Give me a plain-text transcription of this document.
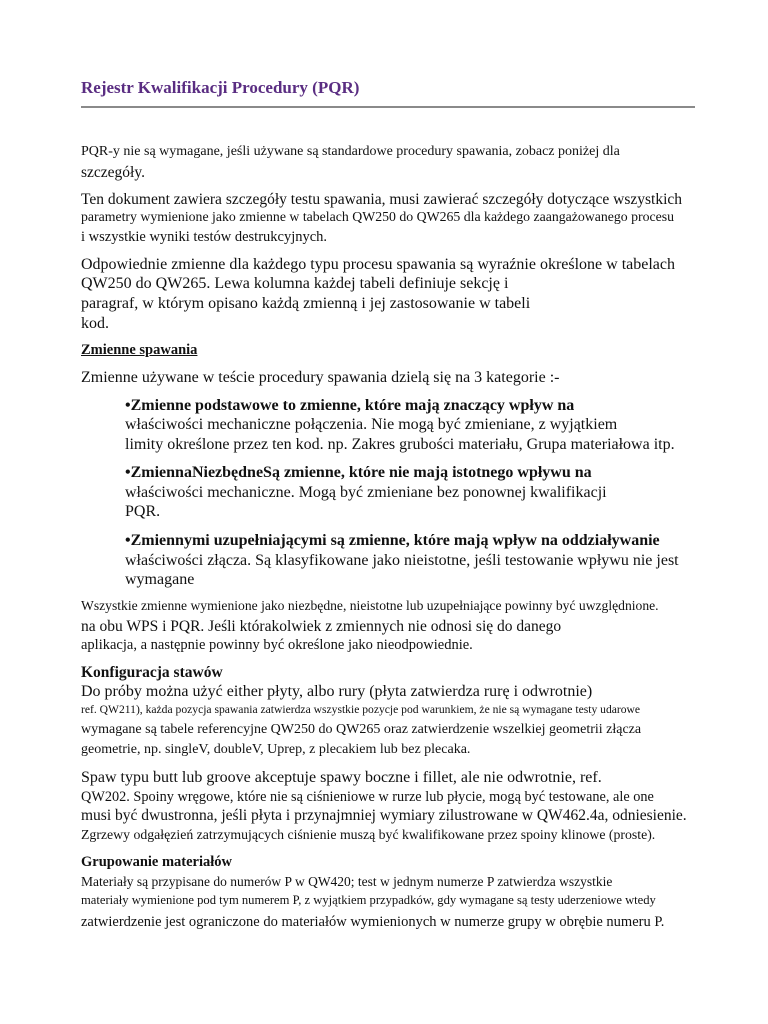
Rejestr Kwalifikacji Procedury (PQR)
PQR-y nie są wymagane, jeśli używane są standardowe procedury spawania, zobacz poniżej dla
szczegóły.
Ten dokument zawiera szczegóły testu spawania, musi zawierać szczegóły dotyczące wszystkich
parametry wymienione jako zmienne w tabelach QW250 do QW265 dla każdego zaangażowanego procesu
i wszystkie wyniki testów destrukcyjnych.
Odpowiednie zmienne dla każdego typu procesu spawania są wyraźnie określone w tabelach
QW250 do QW265. Lewa kolumna każdej tabeli definiuje sekcję i
paragraf, w którym opisano każdą zmienną i jej zastosowanie w tabeli
kod.
Zmienne spawania
Zmienne używane w teście procedury spawania dzielą się na 3 kategorie :-
•Zmienne podstawowe to zmienne, które mają znaczący wpływ na
właściwości mechaniczne połączenia. Nie mogą być zmieniane, z wyjątkiem
limity określone przez ten kod. np. Zakres grubości materiału, Grupa materiałowa itp.
•ZmiennaNiezbędneSą zmienne, które nie mają istotnego wpływu na
właściwości mechaniczne. Mogą być zmieniane bez ponownej kwalifikacji
PQR.
•Zmiennymi uzupełniającymi są zmienne, które mają wpływ na oddziaływanie
właściwości złącza. Są klasyfikowane jako nieistotne, jeśli testowanie wpływu nie jest
wymagane
Wszystkie zmienne wymienione jako niezbędne, nieistotne lub uzupełniające powinny być uwzględnione.
na obu WPS i PQR. Jeśli którakolwiek z zmiennych nie odnosi się do danego
aplikacja, a następnie powinny być określone jako nieodpowiednie.
Konfiguracja stawów
Do próby można użyć either płyty, albo rury (płyta zatwierdza rurę i odwrotnie)
ref. QW211), każda pozycja spawania zatwierdza wszystkie pozycje pod warunkiem, że nie są wymagane testy udarowe
wymagane są tabele referencyjne QW250 do QW265 oraz zatwierdzenie wszelkiej geometrii złącza
geometrie, np. singleV, doubleV, Uprep, z plecakiem lub bez plecaka.
Spaw typu butt lub groove akceptuje spawy boczne i fillet, ale nie odwrotnie, ref.
QW202. Spoiny wręgowe, które nie są ciśnieniowe w rurze lub płycie, mogą być testowane, ale one
musi być dwustronna, jeśli płyta i przynajmniej wymiary zilustrowane w QW462.4a, odniesienie.
Zgrzewy odgałęzień zatrzymujących ciśnienie muszą być kwalifikowane przez spoiny klinowe (proste).
Grupowanie materiałów
Materiały są przypisane do numerów P w QW420; test w jednym numerze P zatwierdza wszystkie
materiały wymienione pod tym numerem P, z wyjątkiem przypadków, gdy wymagane są testy uderzeniowe wtedy
zatwierdzenie jest ograniczone do materiałów wymienionych w numerze grupy w obrębie numeru P.
